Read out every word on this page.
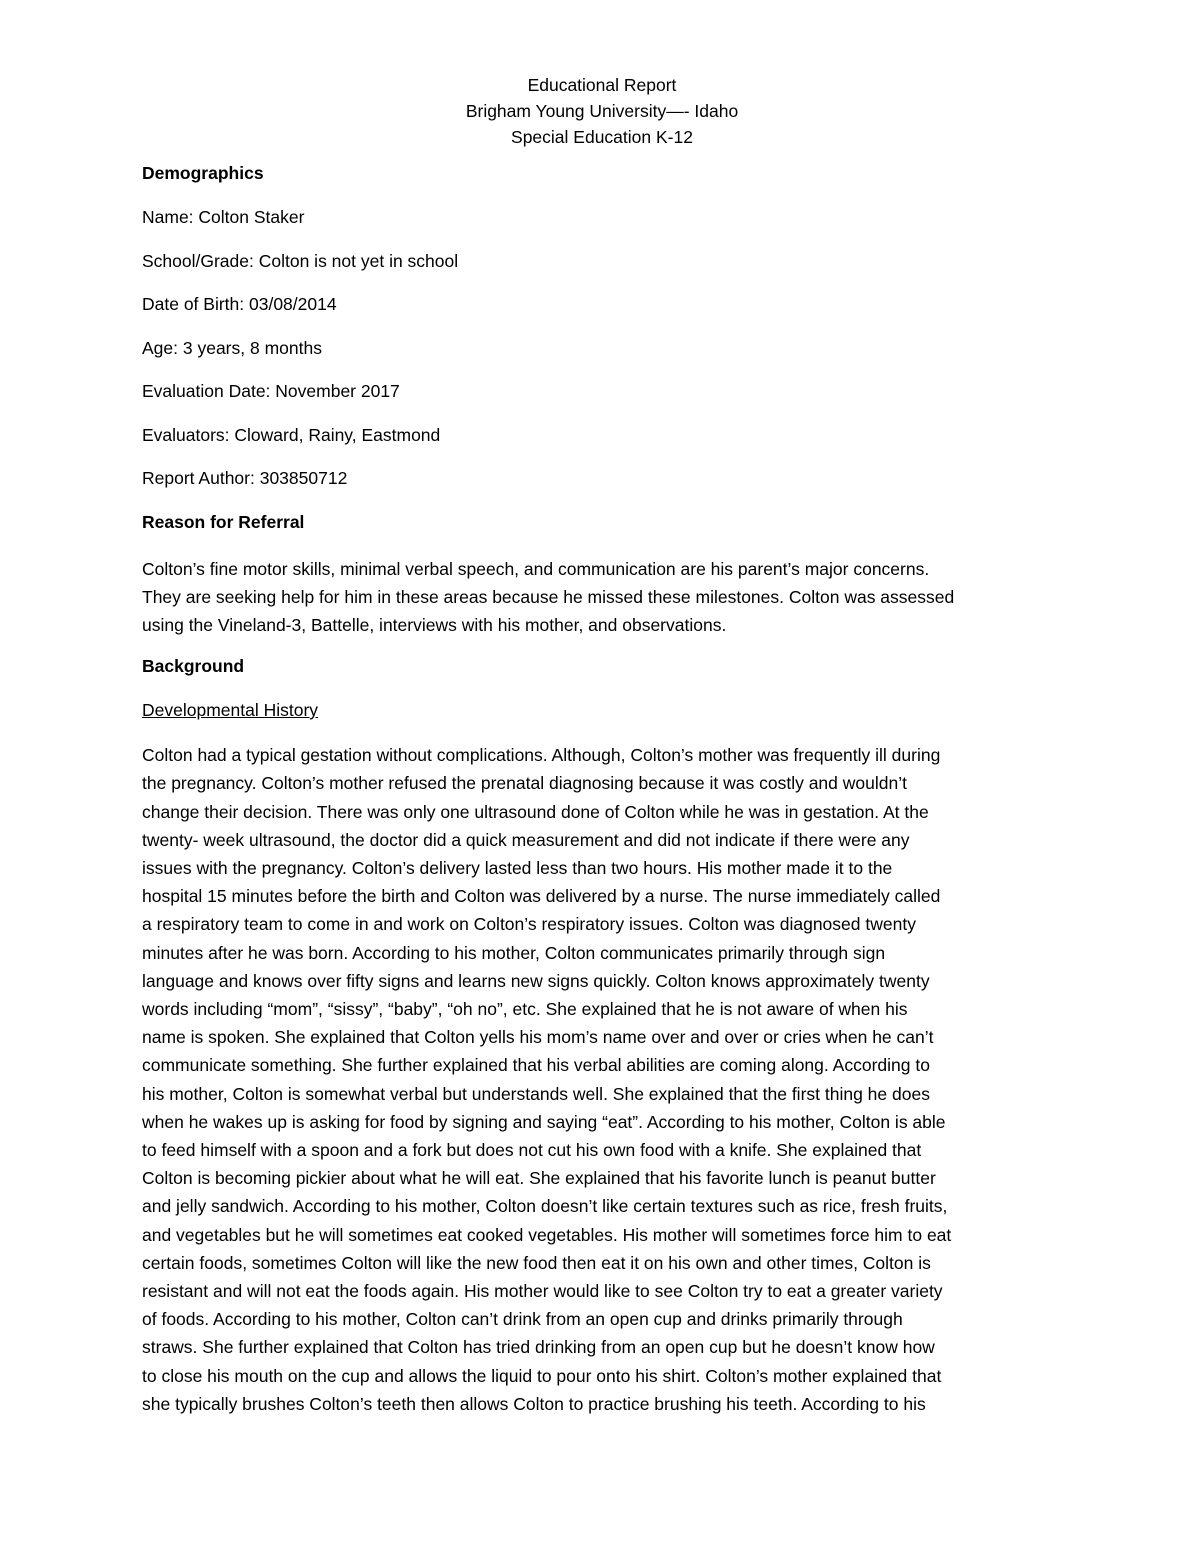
Educational Report
Brigham Young University—- Idaho
Special Education K-12
Demographics
Name: Colton Staker
School/Grade: Colton is not yet in school
Date of Birth: 03/08/2014
Age: 3 years, 8 months
Evaluation Date: November 2017
Evaluators: Cloward, Rainy, Eastmond
Report Author: 303850712
Reason for Referral
Colton’s fine motor skills, minimal verbal speech, and communication are his parent’s major concerns.
They are seeking help for him in these areas because he missed these milestones. Colton was assessed
using the Vineland-3, Battelle, interviews with his mother, and observations.
Background
Developmental History
Colton had a typical gestation without complications. Although, Colton’s mother was frequently ill during
the pregnancy. Colton’s mother refused the prenatal diagnosing because it was costly and wouldn’t
change their decision. There was only one ultrasound done of Colton while he was in gestation. At the
twenty- week ultrasound, the doctor did a quick measurement and did not indicate if there were any
issues with the pregnancy. Colton’s delivery lasted less than two hours. His mother made it to the
hospital 15 minutes before the birth and Colton was delivered by a nurse. The nurse immediately called
a respiratory team to come in and work on Colton’s respiratory issues. Colton was diagnosed twenty
minutes after he was born. According to his mother, Colton communicates primarily through sign
language and knows over fifty signs and learns new signs quickly. Colton knows approximately twenty
words including “mom”, “sissy”, “baby”, “oh no”, etc. She explained that he is not aware of when his
name is spoken. She explained that Colton yells his mom’s name over and over or cries when he can’t
communicate something. She further explained that his verbal abilities are coming along. According to
his mother, Colton is somewhat verbal but understands well. She explained that the first thing he does
when he wakes up is asking for food by signing and saying “eat”. According to his mother, Colton is able
to feed himself with a spoon and a fork but does not cut his own food with a knife. She explained that
Colton is becoming pickier about what he will eat. She explained that his favorite lunch is peanut butter
and jelly sandwich. According to his mother, Colton doesn’t like certain textures such as rice, fresh fruits,
and vegetables but he will sometimes eat cooked vegetables. His mother will sometimes force him to eat
certain foods, sometimes Colton will like the new food then eat it on his own and other times, Colton is
resistant and will not eat the foods again. His mother would like to see Colton try to eat a greater variety
of foods. According to his mother, Colton can’t drink from an open cup and drinks primarily through
straws. She further explained that Colton has tried drinking from an open cup but he doesn’t know how
to close his mouth on the cup and allows the liquid to pour onto his shirt. Colton’s mother explained that
she typically brushes Colton’s teeth then allows Colton to practice brushing his teeth. According to his
